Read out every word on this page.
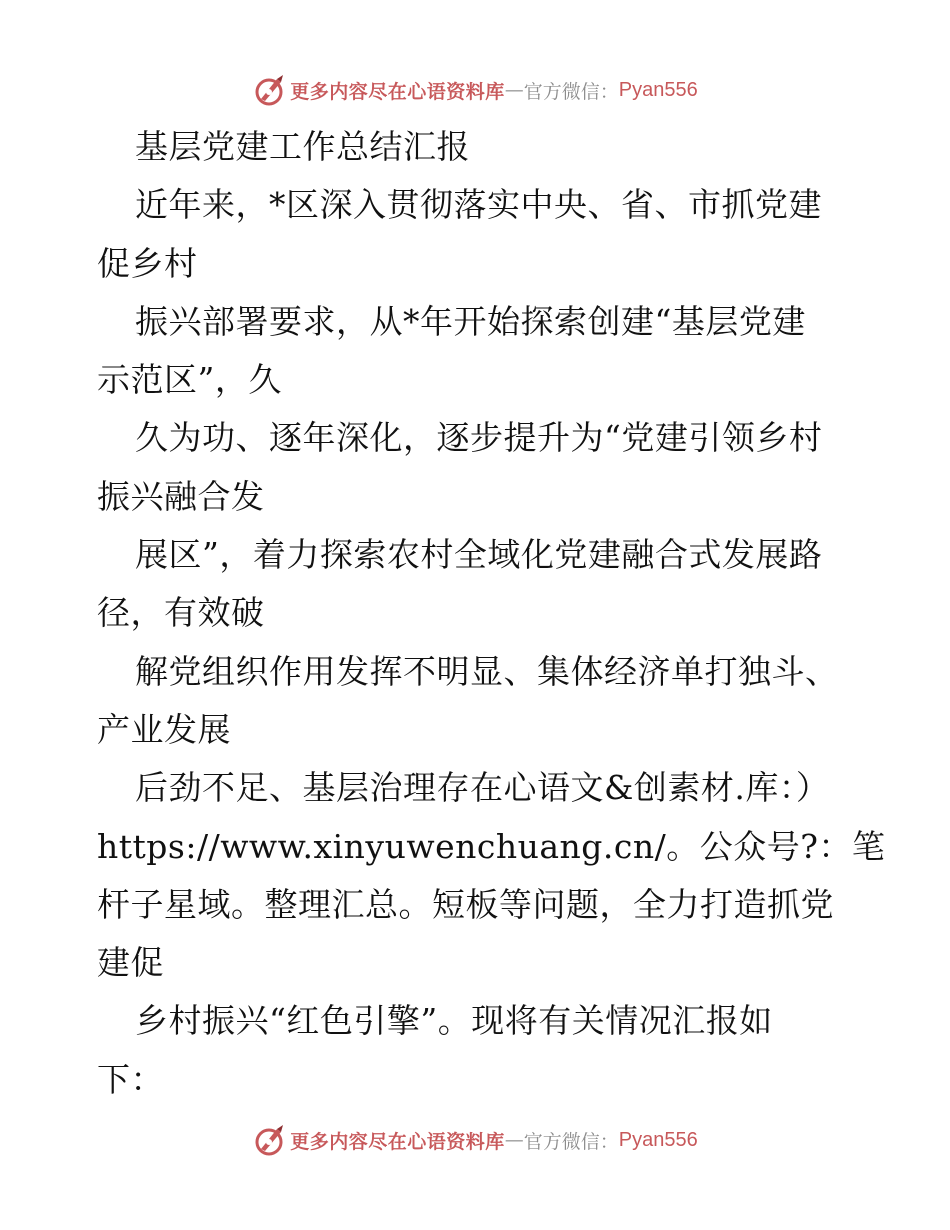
更多内容尽在心语资料库 — 官方微信： Pyan556
基层党建工作总结汇报
近年来，*区深入贯彻落实中央、省、市抓党建
促乡村
振兴部署要求，从*年开始探索创建“基层党建
示范区”，久
久为功、逐年深化，逐步提升为“党建引领乡村
振兴融合发
展区”，着力探索农村全域化党建融合式发展路
径，有效破
解党组织作用发挥不明显、集体经济单打独斗、
产业发展
后劲不足、基层治理存在心语文&创素材.库：）
https://www.xinyuwenchuang.cn/。公众号?：笔
杆子星域。整理汇总。短板等问题，全力打造抓党
建促
乡村振兴“红色引擎”。现将有关情况汇报如
下：
更多内容尽在心语资料库 — 官方微信： Pyan556
